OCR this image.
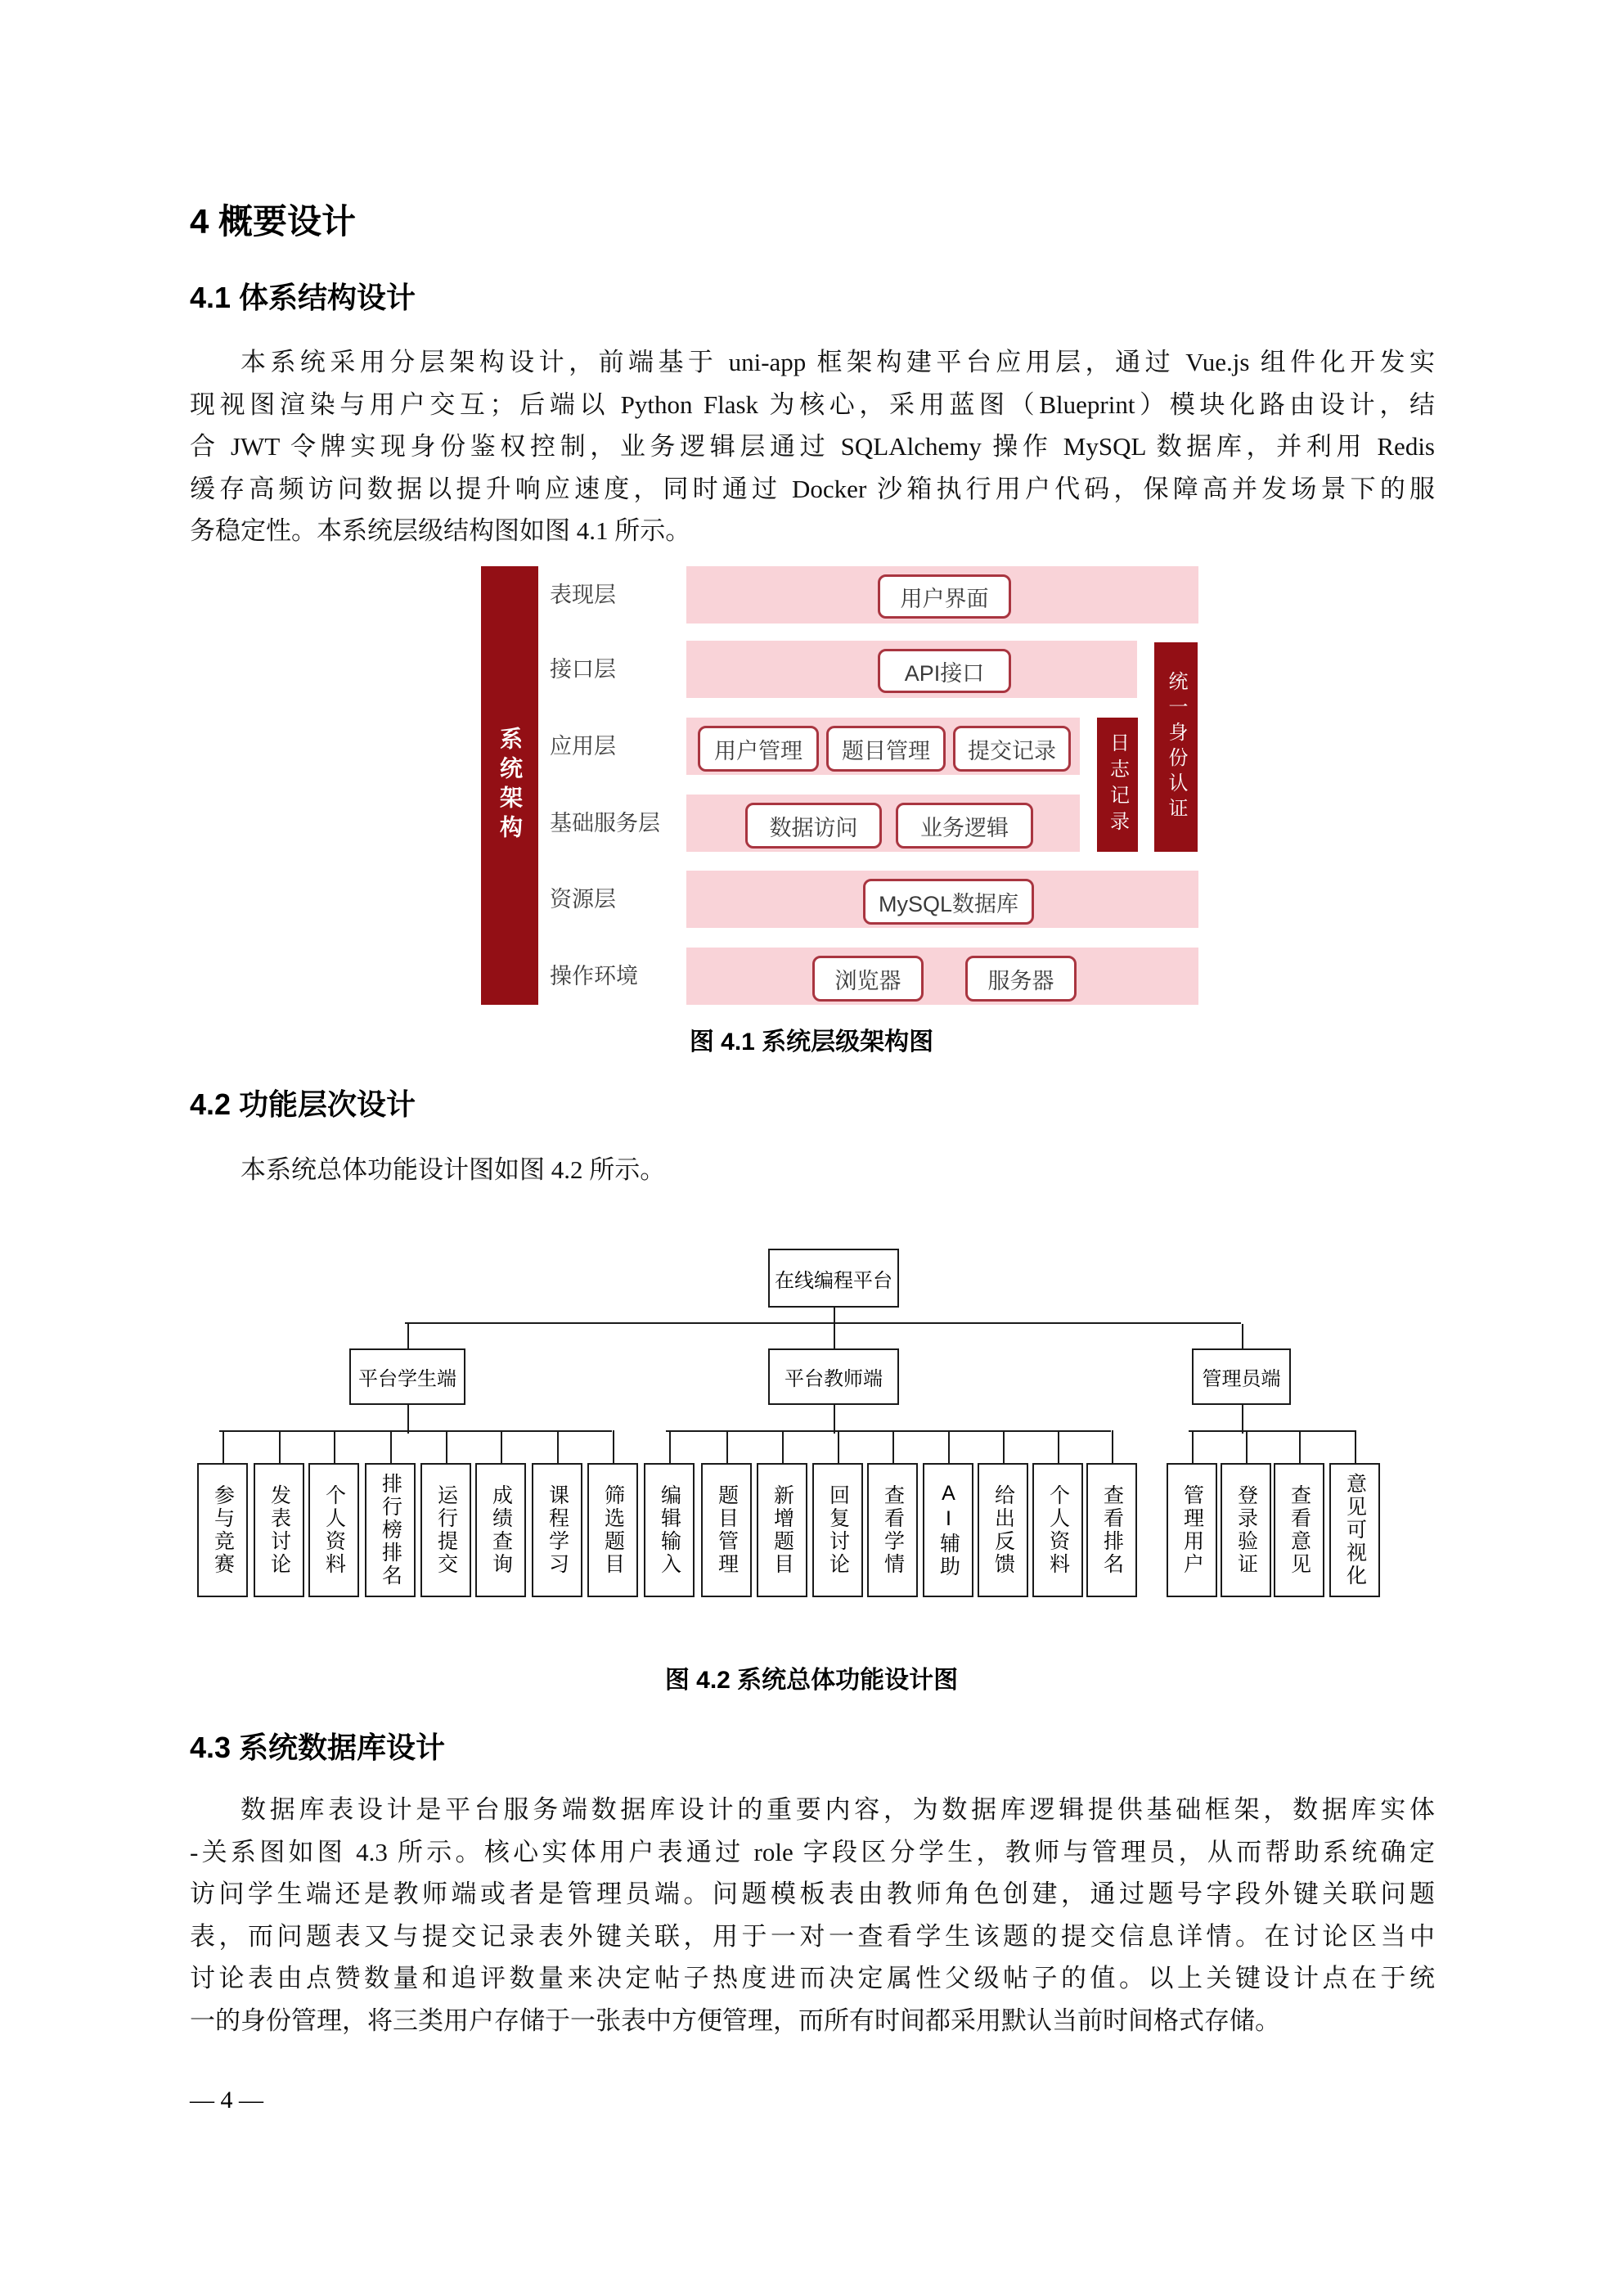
4 概要设计
4.1 体系结构设计
本系统采用分层架构设计，前端基于 uni-app 框架构建平台应用层，通过 Vue.js 组件化开发实
现视图渲染与用户交互；后端以 Python Flask 为核心，采用蓝图（Blueprint）模块化路由设计，结
合 JWT 令牌实现身份鉴权控制，业务逻辑层通过 SQLAlchemy 操作 MySQL 数据库，并利用 Redis
缓存高频访问数据以提升响应速度，同时通过 Docker 沙箱执行用户代码，保障高并发场景下的服
务稳定性。本系统层级结构图如图 4.1 所示。
系统架构
表现层
接口层
应用层
基础服务层
资源层
操作环境
用户界面
API接口
用户管理	题目管理	提交记录
数据访问	业务逻辑
MySQL数据库
浏览器	服务器
日志记录	统一身份认证
图 4.1 系统层级架构图
4.2 功能层次设计
本系统总体功能设计图如图 4.2 所示。
在线编程平台
平台学生端	平台教师端	管理员端
参与竞赛	发表讨论	个人资料	排行榜排名	运行提交	成绩查询	课程学习	筛选题目	编辑输入	题目管理	新增题目	回复讨论	查看学情	AI辅助	给出反馈	个人资料	查看排名	管理用户	登录验证	查看意见	意见可视化
图 4.2 系统总体功能设计图
4.3 系统数据库设计
数据库表设计是平台服务端数据库设计的重要内容，为数据库逻辑提供基础框架，数据库实体
-关系图如图 4.3 所示。核心实体用户表通过 role 字段区分学生，教师与管理员，从而帮助系统确定
访问学生端还是教师端或者是管理员端。问题模板表由教师角色创建，通过题号字段外键关联问题
表，而问题表又与提交记录表外键关联，用于一对一查看学生该题的提交信息详情。在讨论区当中
讨论表由点赞数量和追评数量来决定帖子热度进而决定属性父级帖子的值。以上关键设计点在于统
一的身份管理，将三类用户存储于一张表中方便管理，而所有时间都采用默认当前时间格式存储。
— 4 —
